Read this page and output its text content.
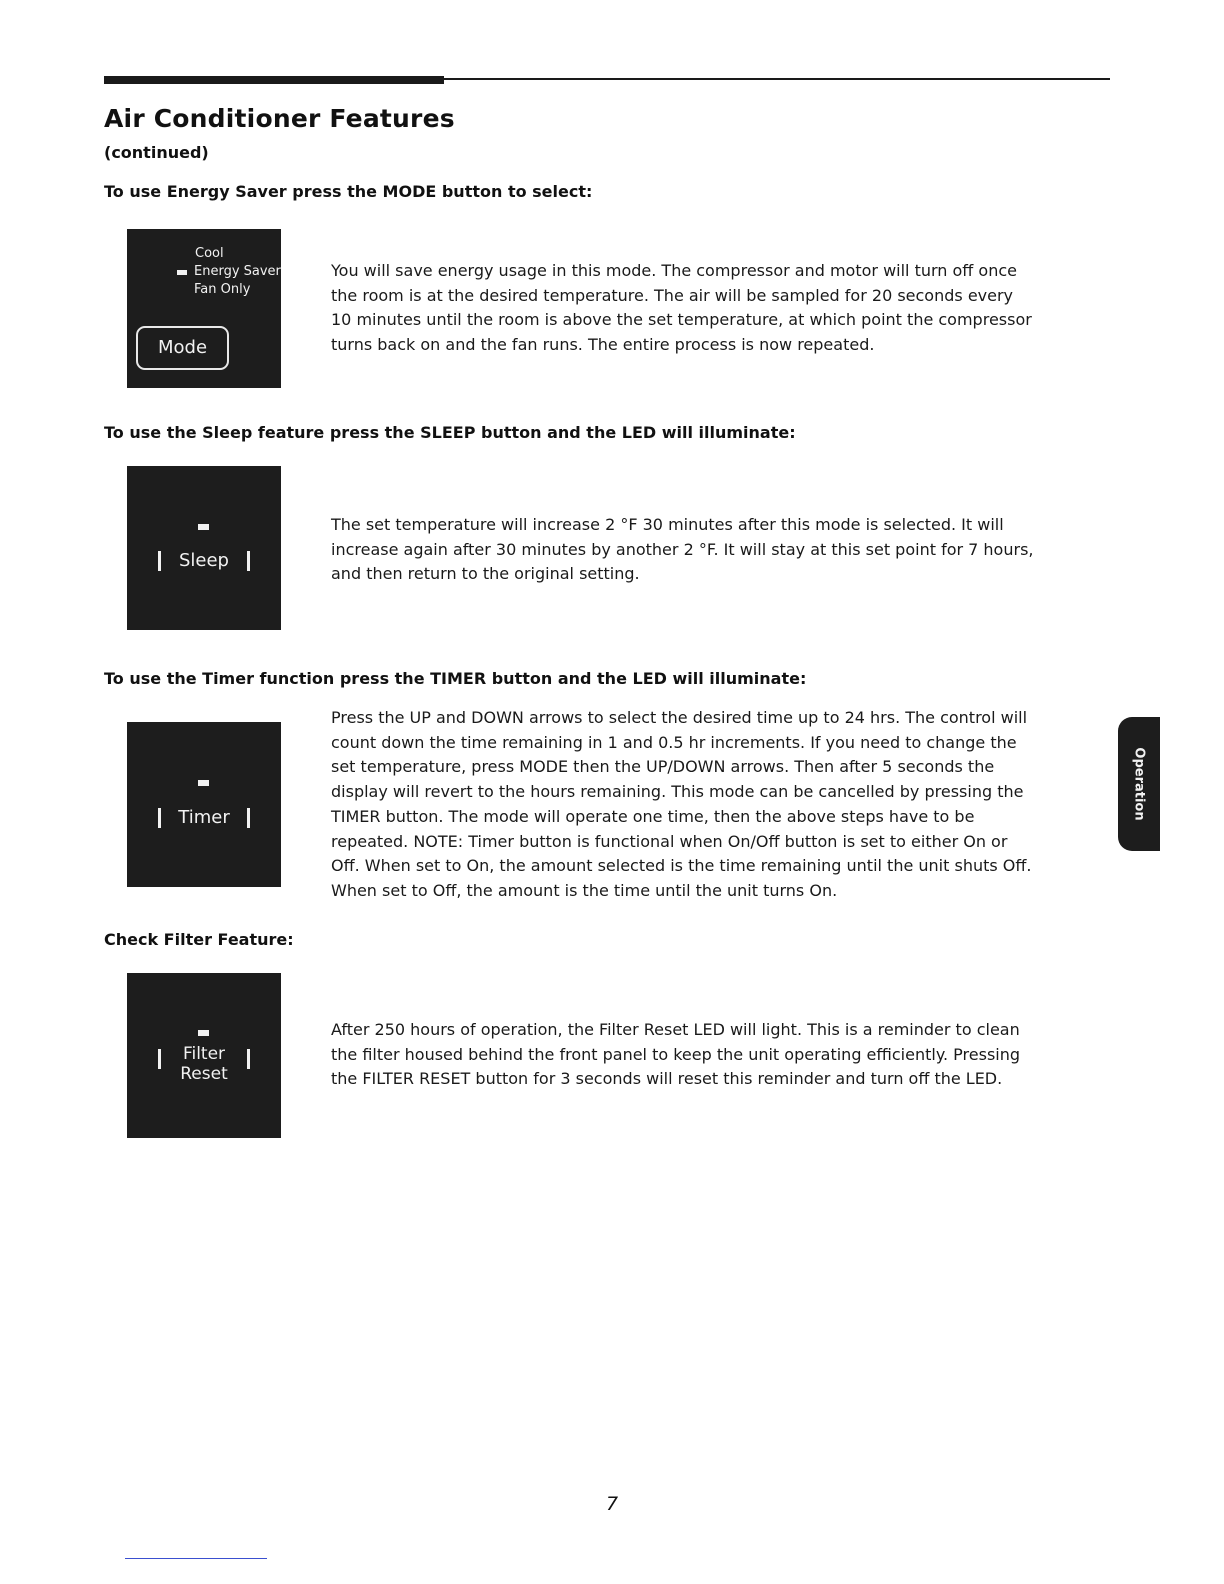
Air Conditioner Features
(continued)
To use Energy Saver press the MODE button to select:
Cool
Energy Saver
Fan Only
Mode

You will save energy usage in this mode. The compressor and motor will turn off once the room is at the desired temperature. The air will be sampled for 20 seconds every 10 minutes until the room is above the set temperature, at which point the compressor turns back on and the fan runs. The entire process is now repeated.

To use the Sleep feature press the SLEEP button and the LED will illuminate:
Sleep

The set temperature will increase 2 °F 30 minutes after this mode is selected. It will increase again after 30 minutes by another 2 °F. It will stay at this set point for 7 hours, and then return to the original setting.

To use the Timer function press the TIMER button and the LED will illuminate:
Timer

Press the UP and DOWN arrows to select the desired time up to 24 hrs. The control will count down the time remaining in 1 and 0.5 hr increments. If you need to change the set temperature, press MODE then the UP/DOWN arrows. Then after 5 seconds the display will revert to the hours remaining. This mode can be cancelled by pressing the TIMER button. The mode will operate one time, then the above steps have to be repeated. NOTE: Timer button is functional when On/Off button is set to either On or Off. When set to On, the amount selected is the time remaining until the unit shuts Off. When set to Off, the amount is the time until the unit turns On.

Check Filter Feature:
Filter
Reset

After 250 hours of operation, the Filter Reset LED will light. This is a reminder to clean the filter housed behind the front panel to keep the unit operating efficiently. Pressing the FILTER RESET button for 3 seconds will reset this reminder and turn off the LED.

Operation
7
